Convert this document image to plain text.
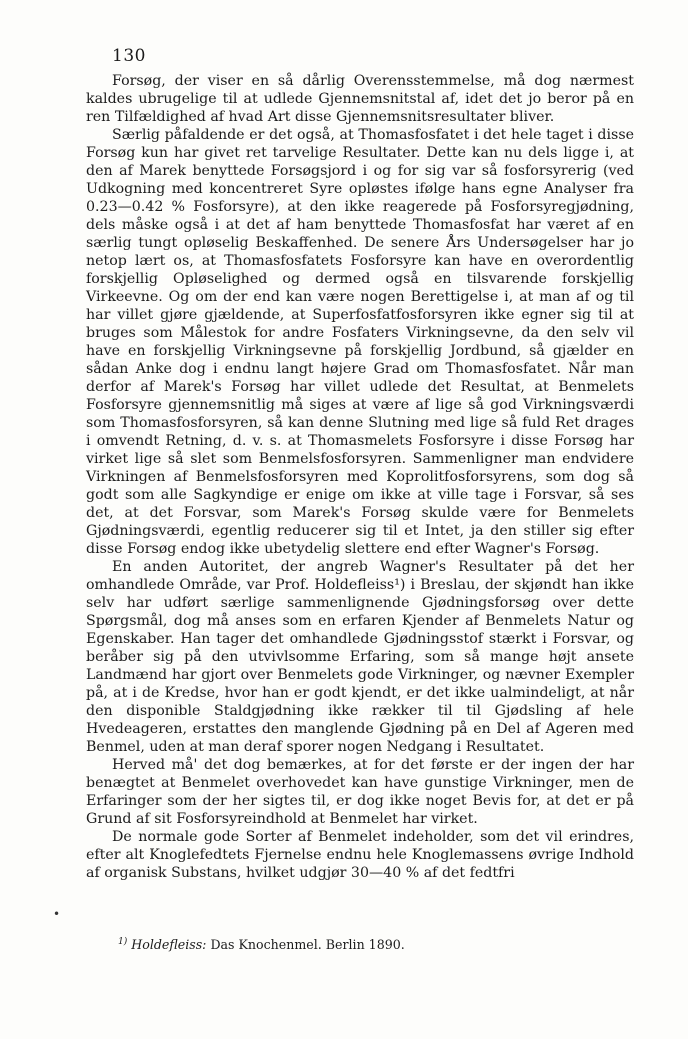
130

Forsøg, der viser en så dårlig Overensstemmelse, må dog nærmest kaldes ubrugelige til at udlede Gjennemsnitstal af, idet det jo beror på en ren Tilfældighed af hvad Art disse Gjennemsnitsresultater bliver.

Særlig påfaldende er det også, at Thomasfosfatet i det hele taget i disse Forsøg kun har givet ret tarvelige Resultater. Dette kan nu dels ligge i, at den af Marek benyttede Forsøgsjord i og for sig var så fosforsyrerig (ved Udkogning med koncentreret Syre opløstes ifølge hans egne Analyser fra 0.23—0.42 % Fosforsyre), at den ikke reagerede på Fosforsyregjødning, dels måske også i at det af ham benyttede Thomasfosfat har været af en særlig tungt opløselig Beskaffenhed. De senere Års Undersøgelser har jo netop lært os, at Thomasfosfatets Fosforsyre kan have en overordentlig forskjellig Opløselighed og dermed også en tilsvarende forskjellig Virkeevne. Og om der end kan være nogen Berettigelse i, at man af og til har villet gjøre gjældende, at Superfosfatfosforsyren ikke egner sig til at bruges som Målestok for andre Fosfaters Virkningsevne, da den selv vil have en forskjellig Virkningsevne på forskjellig Jordbund, så gjælder en sådan Anke dog i endnu langt højere Grad om Thomasfosfatet. Når man derfor af Marek's Forsøg har villet udlede det Resultat, at Benmelets Fosforsyre gjennemsnitlig må siges at være af lige så god Virkningsværdi som Thomasfosforsyren, så kan denne Slutning med lige så fuld Ret drages i omvendt Retning, d. v. s. at Thomasmelets Fosforsyre i disse Forsøg har virket lige så slet som Benmelsfosforsyren. Sammenligner man endvidere Virkningen af Benmelsfosforsyren med Koprolitfosforsyrens, som dog så godt som alle Sagkyndige er enige om ikke at ville tage i Forsvar, så ses det, at det Forsvar, som Marek's Forsøg skulde være for Benmelets Gjødningsværdi, egentlig reducerer sig til et Intet, ja den stiller sig efter disse Forsøg endog ikke ubetydelig slettere end efter Wagner's Forsøg.

En anden Autoritet, der angreb Wagner's Resultater på det her omhandlede Område, var Prof. Holdefleiss¹) i Breslau, der skjøndt han ikke selv har udført særlige sammenlignende Gjødningsforsøg over dette Spørgsmål, dog må anses som en erfaren Kjender af Benmelets Natur og Egenskaber. Han tager det omhandlede Gjødningsstof stærkt i Forsvar, og beråber sig på den utvivlsomme Erfaring, som så mange højt ansete Landmænd har gjort over Benmelets gode Virkninger, og nævner Exempler på, at i de Kredse, hvor han er godt kjendt, er det ikke ualmindeligt, at når den disponible Staldgjødning ikke rækker til til Gjødsling af hele Hvedeageren, erstattes den manglende Gjødning på en Del af Ageren med Benmel, uden at man deraf sporer nogen Nedgang i Resultatet.

Herved må' det dog bemærkes, at for det første er der ingen der har benægtet at Benmelet overhovedet kan have gunstige Virkninger, men de Erfaringer som der her sigtes til, er dog ikke noget Bevis for, at det er på Grund af sit Fosforsyreindhold at Benmelet har virket.

De normale gode Sorter af Benmelet indeholder, som det vil erindres, efter alt Knoglefedtets Fjernelse endnu hele Knoglemassens øvrige Indhold af organisk Substans, hvilket udgjør 30—40 % af det fedtfri

•
$^{1)}$ Holdefleiss: Das Knochenmel. Berlin 1890.
